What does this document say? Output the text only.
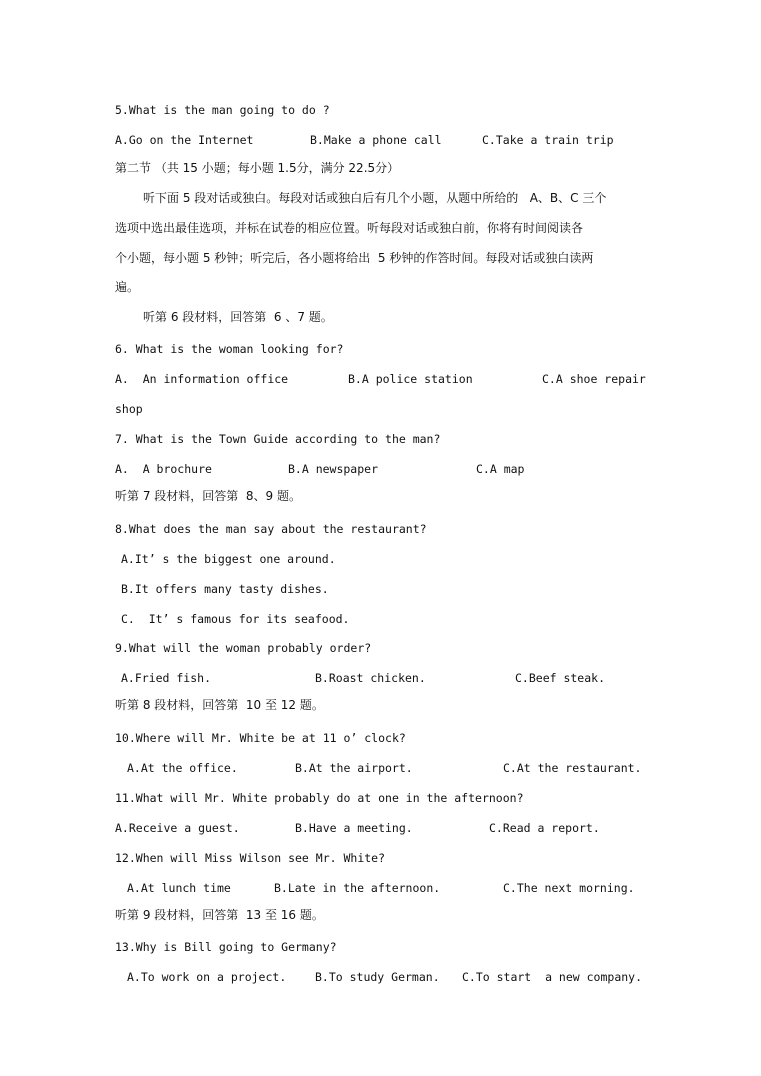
5.What is the man going to do ?
A.Go on the Internet	B.Make a phone call	C.Take a train trip
第二节 （共 15 小题；每小题 1.5分，满分 22.5分）
听下面 5 段对话或独白。每段对话或独白后有几个小题，从题中所给的   A、B、C 三个
选项中选出最佳选项，并标在试卷的相应位置。听每段对话或独白前，你将有时间阅读各
个小题，每小题 5 秒钟；听完后，各小题将给出  5 秒钟的作答时间。每段对话或独白读两
遍。
听第 6 段材料，回答第  6 、7 题。
6. What is the woman looking for?
A.  An information office	B.A police station	C.A shoe repair
shop
7. What is the Town Guide according to the man?
A.  A brochure	B.A newspaper	C.A map
听第 7 段材料，回答第  8、9 题。
8.What does the man say about the restaurant?
A.It’ s the biggest one around.
B.It offers many tasty dishes.
C.  It’ s famous for its seafood.
9.What will the woman probably order?
A.Fried fish.	B.Roast chicken.	C.Beef steak.
听第 8 段材料，回答第  10 至 12 题。
10.Where will Mr. White be at 11 o’ clock?
A.At the office.	B.At the airport.	C.At the restaurant.
11.What will Mr. White probably do at one in the afternoon?
A.Receive a guest.	B.Have a meeting.	C.Read a report.
12.When will Miss Wilson see Mr. White?
A.At lunch time	B.Late in the afternoon.	C.The next morning.
听第 9 段材料，回答第  13 至 16 题。
13.Why is Bill going to Germany?
A.To work on a project.	B.To study German. C.To start  a new company.
